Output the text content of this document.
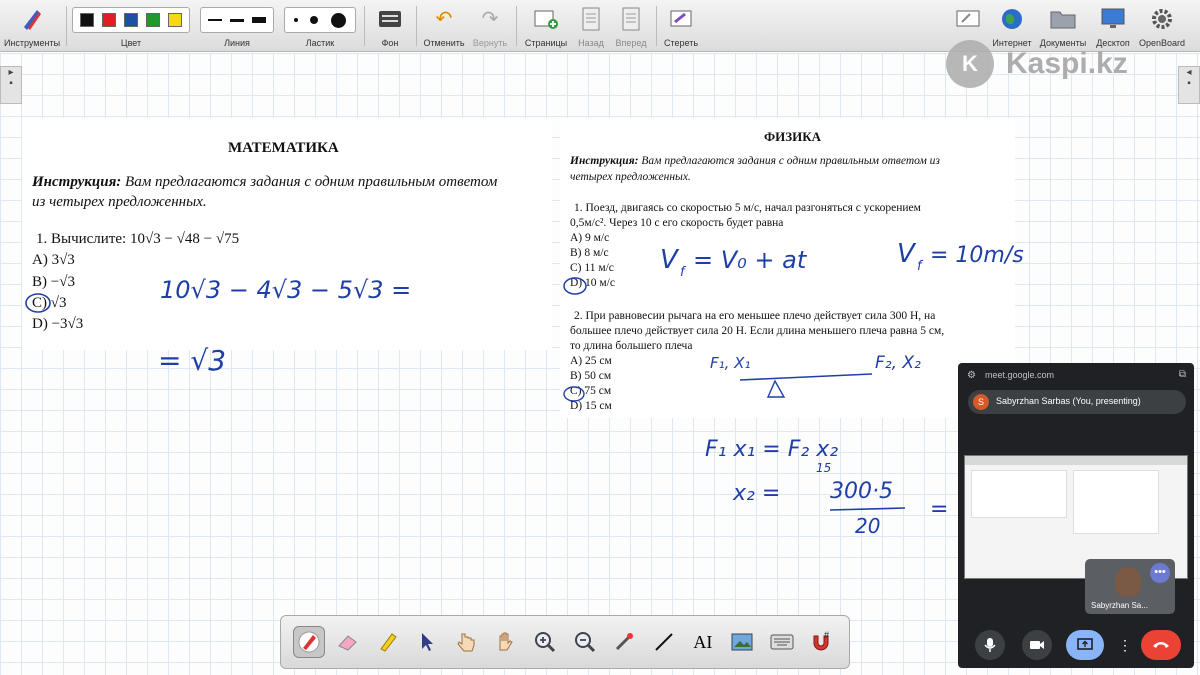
Инструменты	Цвет	Линия	Ластик	Фон
↶
Отменить
↷
Вернуть	Страницы	Назад	Вперед	Стереть	Интернет Документы	Десктоп	OpenBoard
▸
▪
◂
▪
МАТЕМАТИКА
Инструкция: Вам предлагаются задания с одним правильным ответом
из четырех предложенных.
1. Вычислите: 10√3 − √48 − √75
A) 3√3
B) −√3
C) √3
D) −3√3
ФИЗИКА
Инструкция: Вам предлагаются задания с одним правильным ответом из
четырех предложенных.
1. Поезд, двигаясь со скоростью 5 м/с, начал разгоняться с ускорением
0,5м/с². Через 10 с его скорость будет равна
A) 9 м/с
B) 8 м/с
C) 11 м/с
D) 10 м/с
2. При равновесии рычага на его меньшее плечо действует сила 300 Н, на
большее плечо действует сила 20 Н. Если длина меньшего плеча равна 5 см,
то длина большего плеча
A) 25 см
B) 50 см
C) 75 см
D) 15 см
K Kaspi.kz
10√3 − 4√3 − 5√3 =
= √3
V f = V₀ + at	V f = 10m/s
F₁, X₁	F₂, X₂
F₁ x₁ = F₂ x₂
15
x₂ = 300·5
20
=
⚙ meet.google.com	⧉
S	Sabyrzhan Sarbas (You, presenting)
•••
Sabyrzhan Sa...
⋮
AI	#
